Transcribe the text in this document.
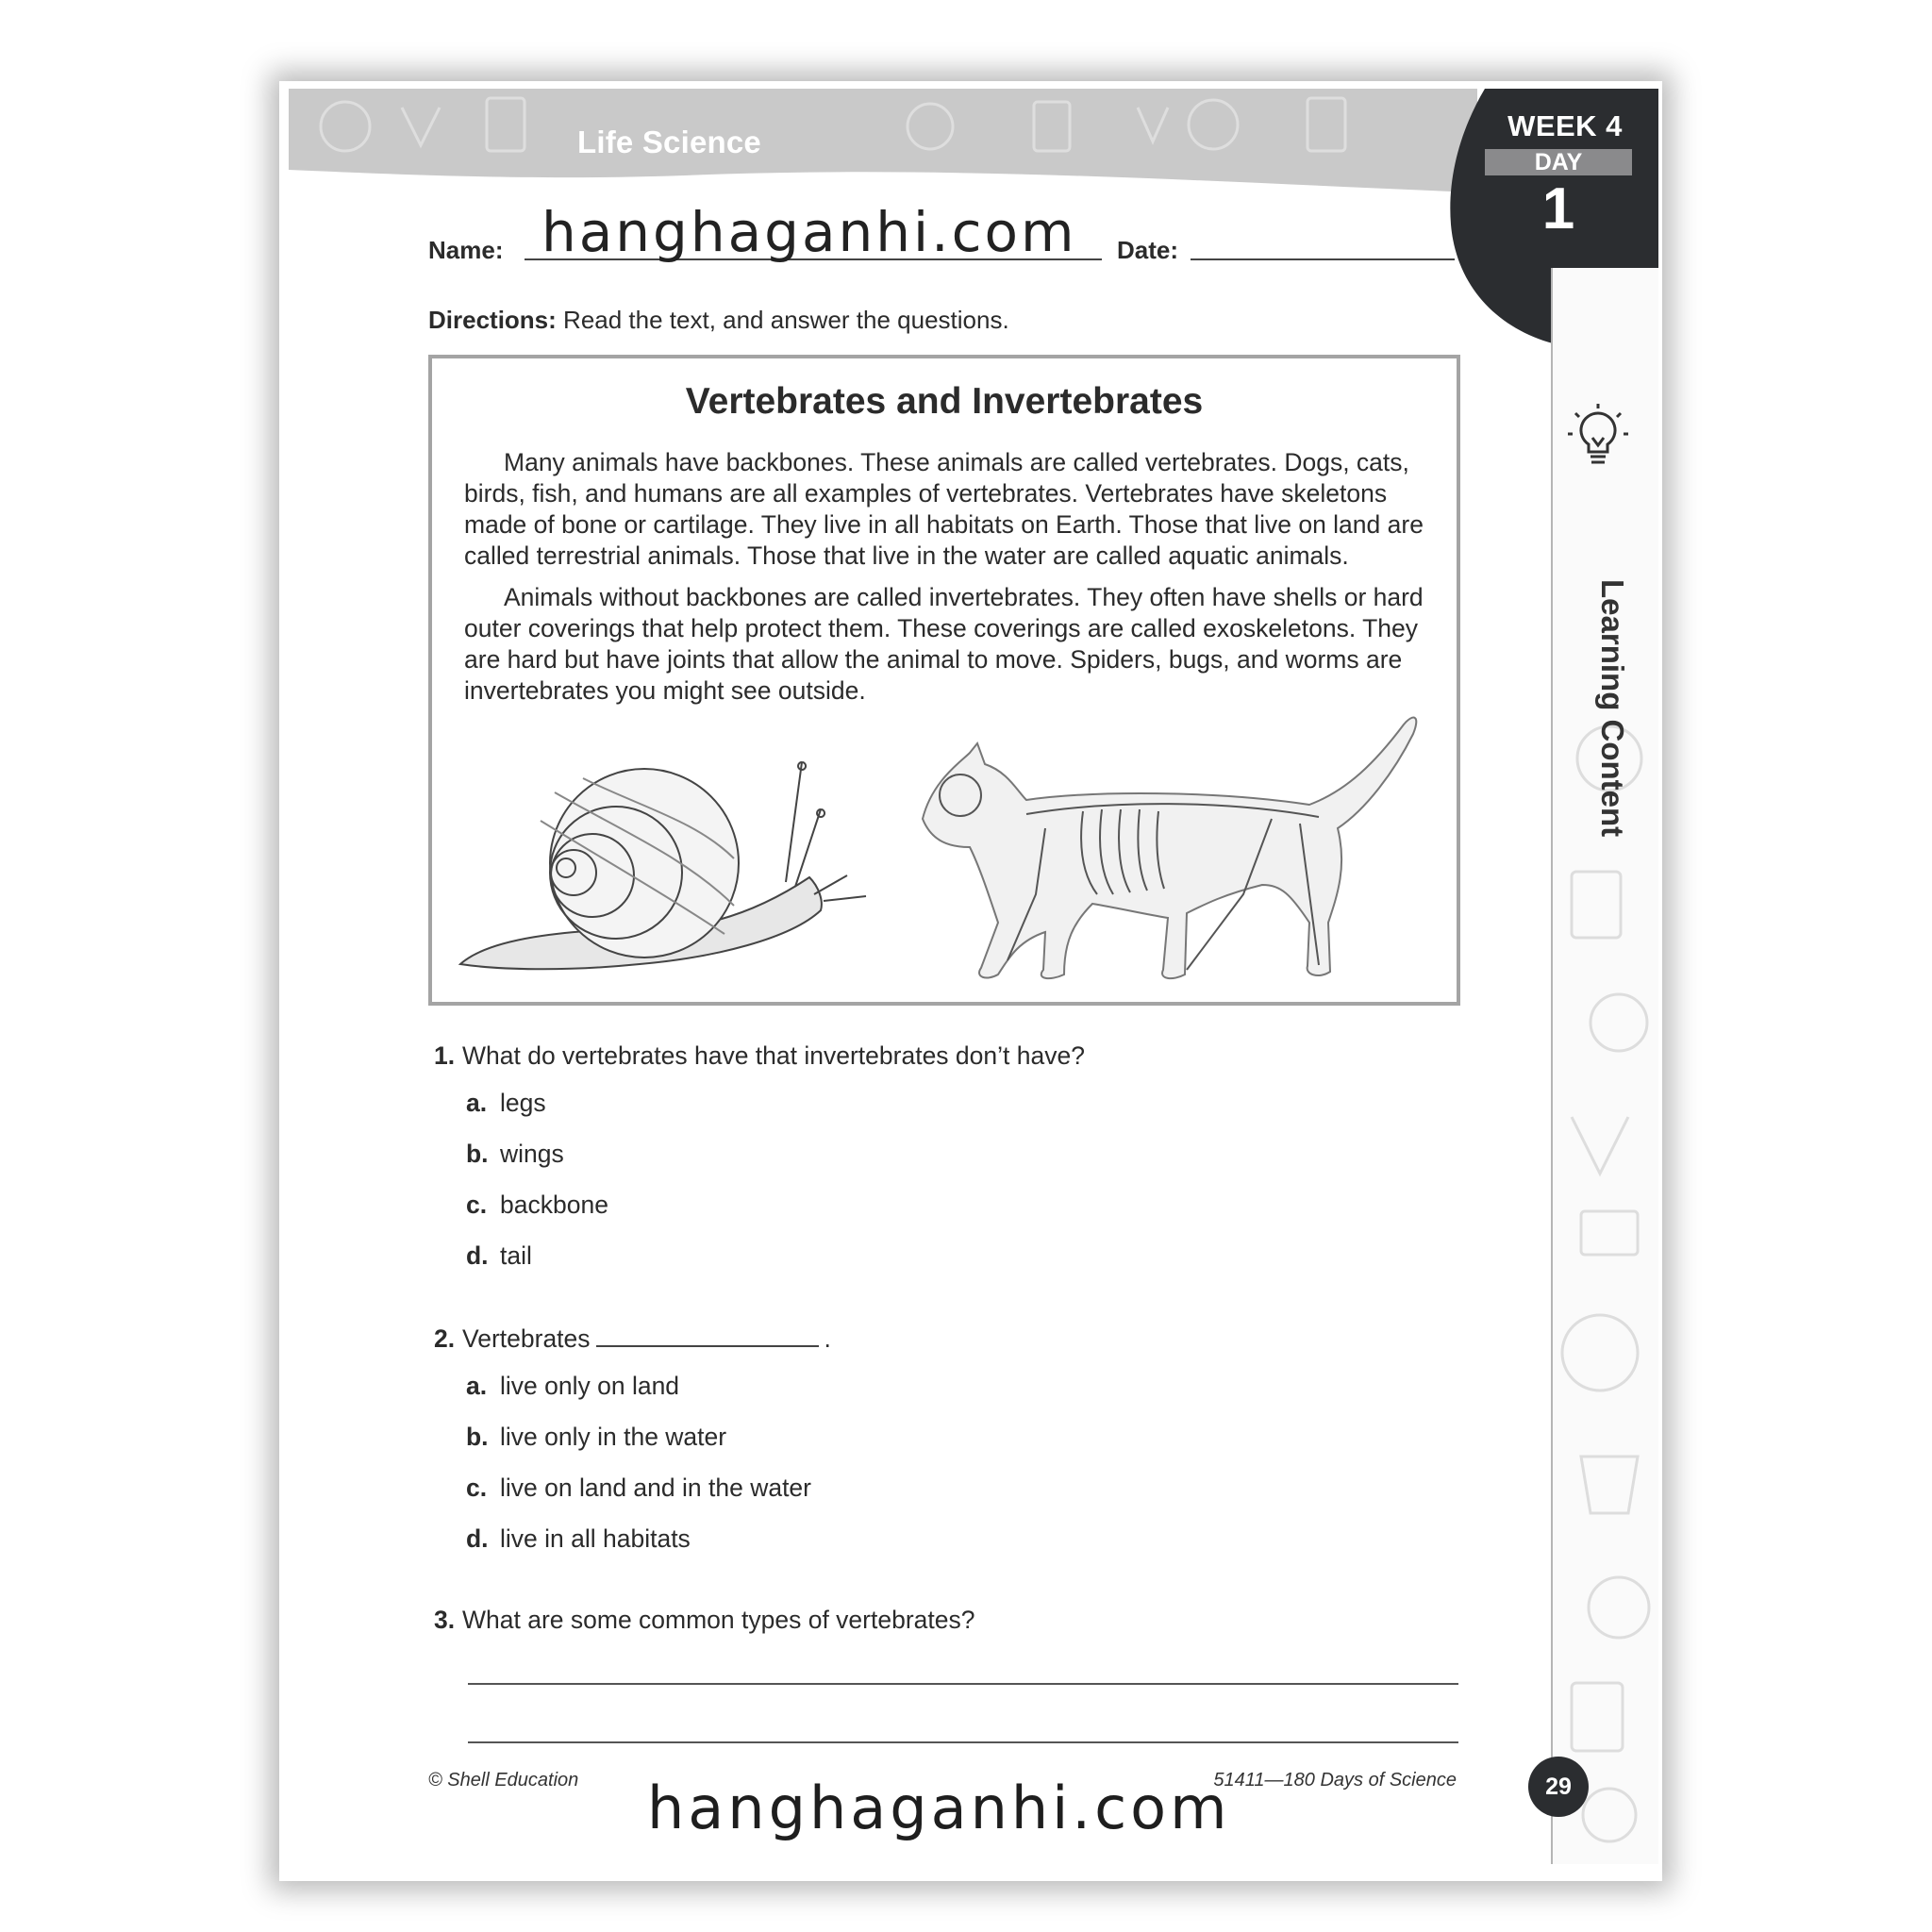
Life Science	WEEK 4
DAY
1
Learning Content
Name: hanghaganhi.com Date:
Directions: Read the text, and answer the questions.
Vertebrates and Invertebrates
Many animals have backbones. These animals are called vertebrates. Dogs, cats, birds, fish, and humans are all examples of vertebrates. Vertebrates have skeletons made of bone or cartilage. They live in all habitats on Earth. Those that live on land are called terrestrial animals. Those that live in the water are called aquatic animals.
Animals without backbones are called invertebrates. They often have shells or hard outer coverings that help protect them. These coverings are called exoskeletons. They are hard but have joints that allow the animal to move. Spiders, bugs, and worms are invertebrates you might see outside.
1. What do vertebrates have that invertebrates don’t have?
a. legs
b. wings
c. backbone
d. tail
2. Vertebrates	.
a. live only on land
b. live only in the water
c. live on land and in the water
d. live in all habitats
3. What are some common types of vertebrates?
© Shell Education	51411—180 Days of Science	29
hanghaganhi.com
